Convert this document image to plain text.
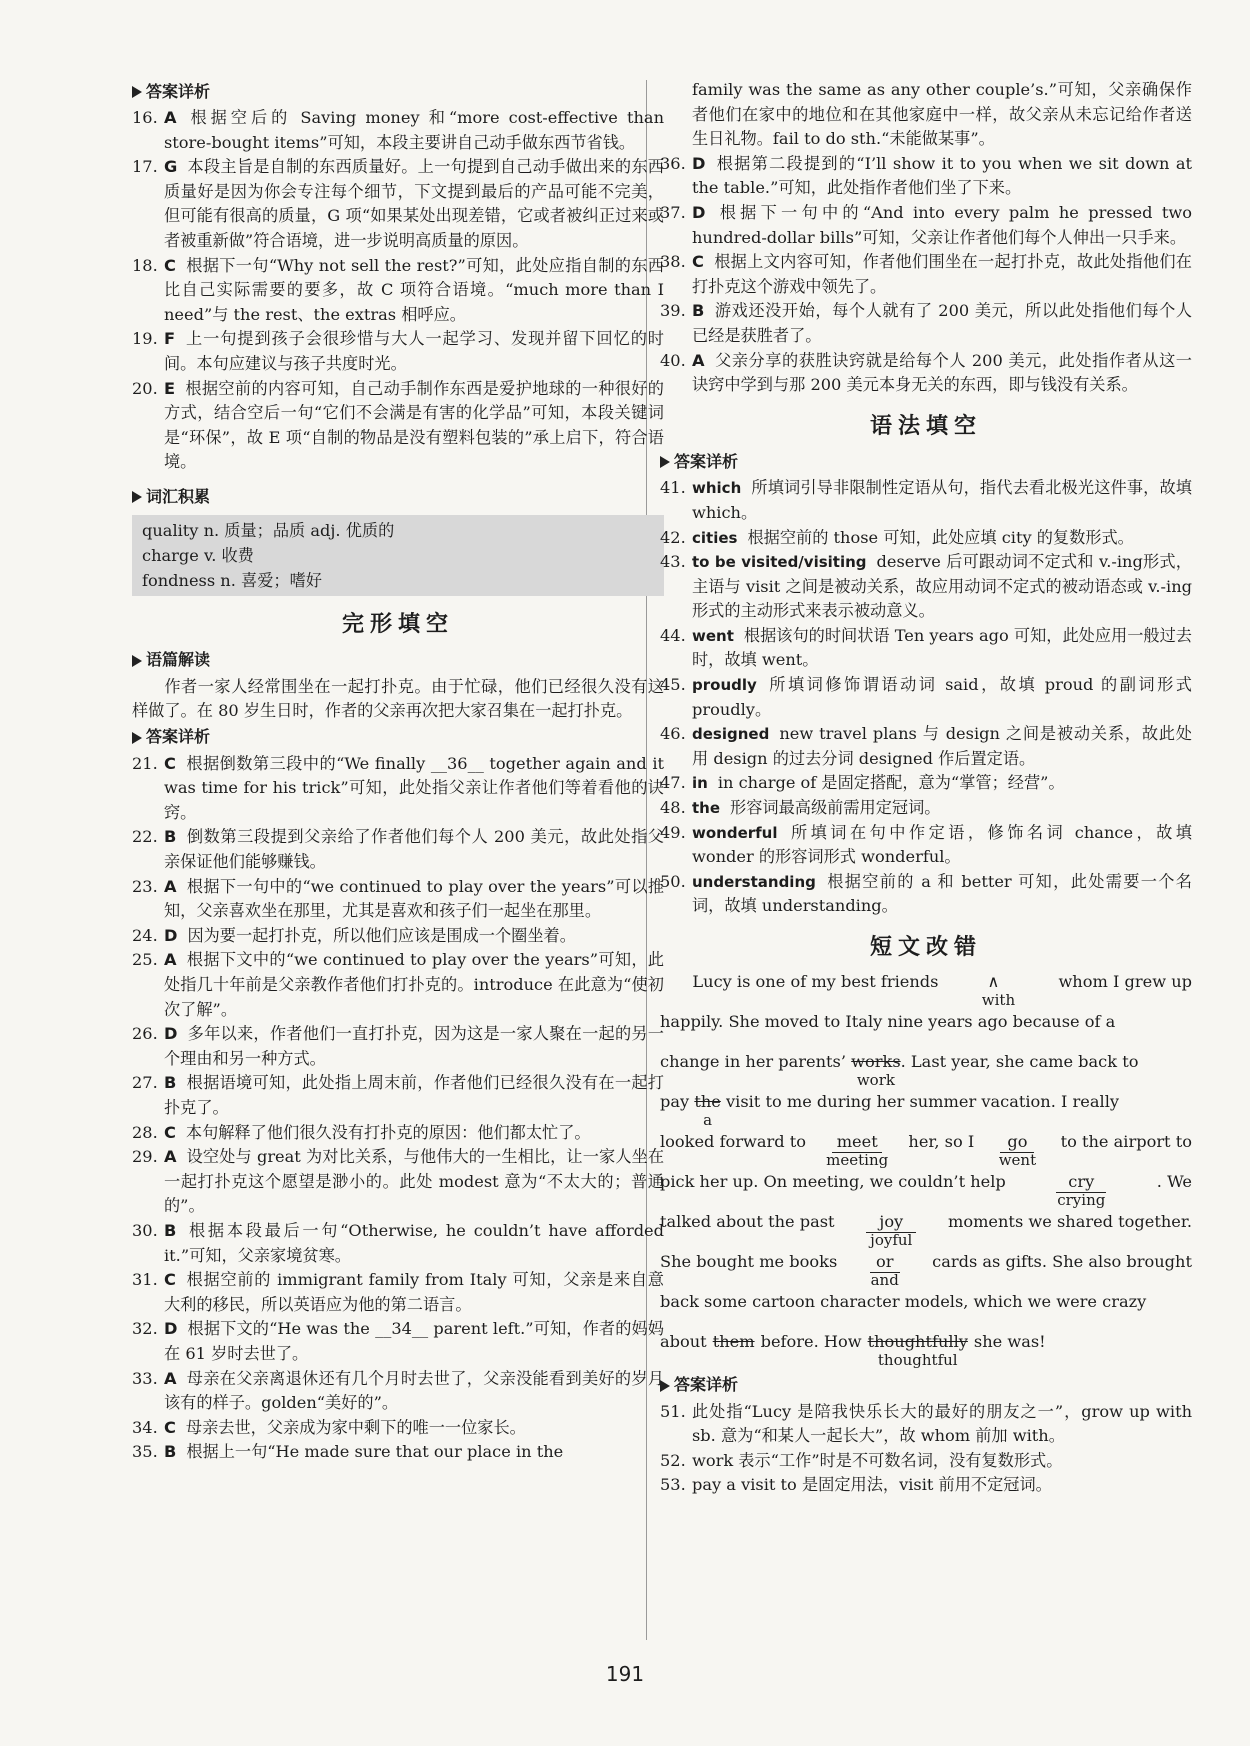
答案详析
16. A 根据空后的 Saving money 和“more cost-effective than store-bought items”可知，本段主要讲自己动手做东西节省钱。
17. G 本段主旨是自制的东西质量好。上一句提到自己动手做出来的东西质量好是因为你会专注每个细节，下文提到最后的产品可能不完美，但可能有很高的质量，G 项“如果某处出现差错，它或者被纠正过来或者被重新做”符合语境，进一步说明高质量的原因。
18. C 根据下一句“Why not sell the rest?”可知，此处应指自制的东西比自己实际需要的要多，故 C 项符合语境。“much more than I need”与 the rest、the extras 相呼应。
19. F 上一句提到孩子会很珍惜与大人一起学习、发现并留下回忆的时间。本句应建议与孩子共度时光。
20. E 根据空前的内容可知，自己动手制作东西是爱护地球的一种很好的方式，结合空后一句“它们不会满是有害的化学品”可知，本段关键词是“环保”，故 E 项“自制的物品是没有塑料包装的”承上启下，符合语境。
词汇积累
quality n. 质量；品质 adj. 优质的
charge v. 收费
fondness n. 喜爱；嗜好
完形填空
语篇解读
作者一家人经常围坐在一起打扑克。由于忙碌，他们已经很久没有这样做了。在 80 岁生日时，作者的父亲再次把大家召集在一起打扑克。
答案详析
21. C 根据倒数第三段中的“We finally __36__ together again and it was time for his trick”可知，此处指父亲让作者他们等着看他的诀窍。
22. B 倒数第三段提到父亲给了作者他们每个人 200 美元，故此处指父亲保证他们能够赚钱。
23. A 根据下一句中的“we continued to play over the years”可以推知，父亲喜欢坐在那里，尤其是喜欢和孩子们一起坐在那里。
24. D 因为要一起打扑克，所以他们应该是围成一个圈坐着。
25. A 根据下文中的“we continued to play over the years”可知，此处指几十年前是父亲教作者他们打扑克的。introduce 在此意为“使初次了解”。
26. D 多年以来，作者他们一直打扑克，因为这是一家人聚在一起的另一个理由和另一种方式。
27. B 根据语境可知，此处指上周末前，作者他们已经很久没有在一起打扑克了。
28. C 本句解释了他们很久没有打扑克的原因：他们都太忙了。
29. A 设空处与 great 为对比关系，与他伟大的一生相比，让一家人坐在一起打扑克这个愿望是渺小的。此处 modest 意为“不太大的；普通的”。
30. B 根据本段最后一句“Otherwise, he couldn’t have afforded it.”可知，父亲家境贫寒。
31. C 根据空前的 immigrant family from Italy 可知，父亲是来自意大利的移民，所以英语应为他的第二语言。
32. D 根据下文的“He was the __34__ parent left.”可知，作者的妈妈在 61 岁时去世了。
33. A 母亲在父亲离退休还有几个月时去世了，父亲没能看到美好的岁月该有的样子。golden“美好的”。
34. C 母亲去世，父亲成为家中剩下的唯一一位家长。
35. B 根据上一句“He made sure that our place in the
family was the same as any other couple’s.”可知，父亲确保作者他们在家中的地位和在其他家庭中一样，故父亲从未忘记给作者送生日礼物。fail to do sth.“未能做某事”。
36. D 根据第二段提到的“I’ll show it to you when we sit down at the table.”可知，此处指作者他们坐了下来。
37. D 根据下一句中的“And into every palm he pressed two hundred-dollar bills”可知，父亲让作者他们每个人伸出一只手来。
38. C 根据上文内容可知，作者他们围坐在一起打扑克，故此处指他们在打扑克这个游戏中领先了。
39. B 游戏还没开始，每个人就有了 200 美元，所以此处指他们每个人已经是获胜者了。
40. A 父亲分享的获胜诀窍就是给每个人 200 美元，此处指作者从这一诀窍中学到与那 200 美元本身无关的东西，即与钱没有关系。
语法填空
答案详析
41. which 所填词引导非限制性定语从句，指代去看北极光这件事，故填 which。
42. cities 根据空前的 those 可知，此处应填 city 的复数形式。
43. to be visited/visiting deserve 后可跟动词不定式和 v.-ing形式，主语与 visit 之间是被动关系，故应用动词不定式的被动语态或 v.-ing 形式的主动形式来表示被动意义。
44. went 根据该句的时间状语 Ten years ago 可知，此处应用一般过去时，故填 went。
45. proudly 所填词修饰谓语动词 said，故填 proud 的副词形式 proudly。
46. designed new travel plans 与 design 之间是被动关系，故此处用 design 的过去分词 designed 作后置定语。
47. in in charge of 是固定搭配，意为“掌管；经营”。
48. the 形容词最高级前需用定冠词。
49. wonderful 所填词在句中作定语，修饰名词 chance，故填 wonder 的形容词形式 wonderful。
50. understanding 根据空前的 a 和 better 可知，此处需要一个名词，故填 understanding。
短文改错
Lucy is one of my best friends	∧
with
whom I grew up
happily. She moved to Italy nine years ago because of a
change in her parents’ works
work
. Last year, she came back to
pay the
a
visit to me during her summer vacation. I really
looked forward to meet
meeting
her, so I	go
went
to the airport to
pick her up. On meeting, we couldn’t help	cry
crying
. We
talked about the past	joy
joyful
moments we shared together.
She bought me books	or
and
cards as gifts. She also brought
back some cartoon character models, which we were crazy
about them before. How thoughtfully
thoughtful
she was!
答案详析
51. 此处指“Lucy 是陪我快乐长大的最好的朋友之一”，grow up with sb. 意为“和某人一起长大”，故 whom 前加 with。
52. work 表示“工作”时是不可数名词，没有复数形式。
53. pay a visit to 是固定用法，visit 前用不定冠词。
191
